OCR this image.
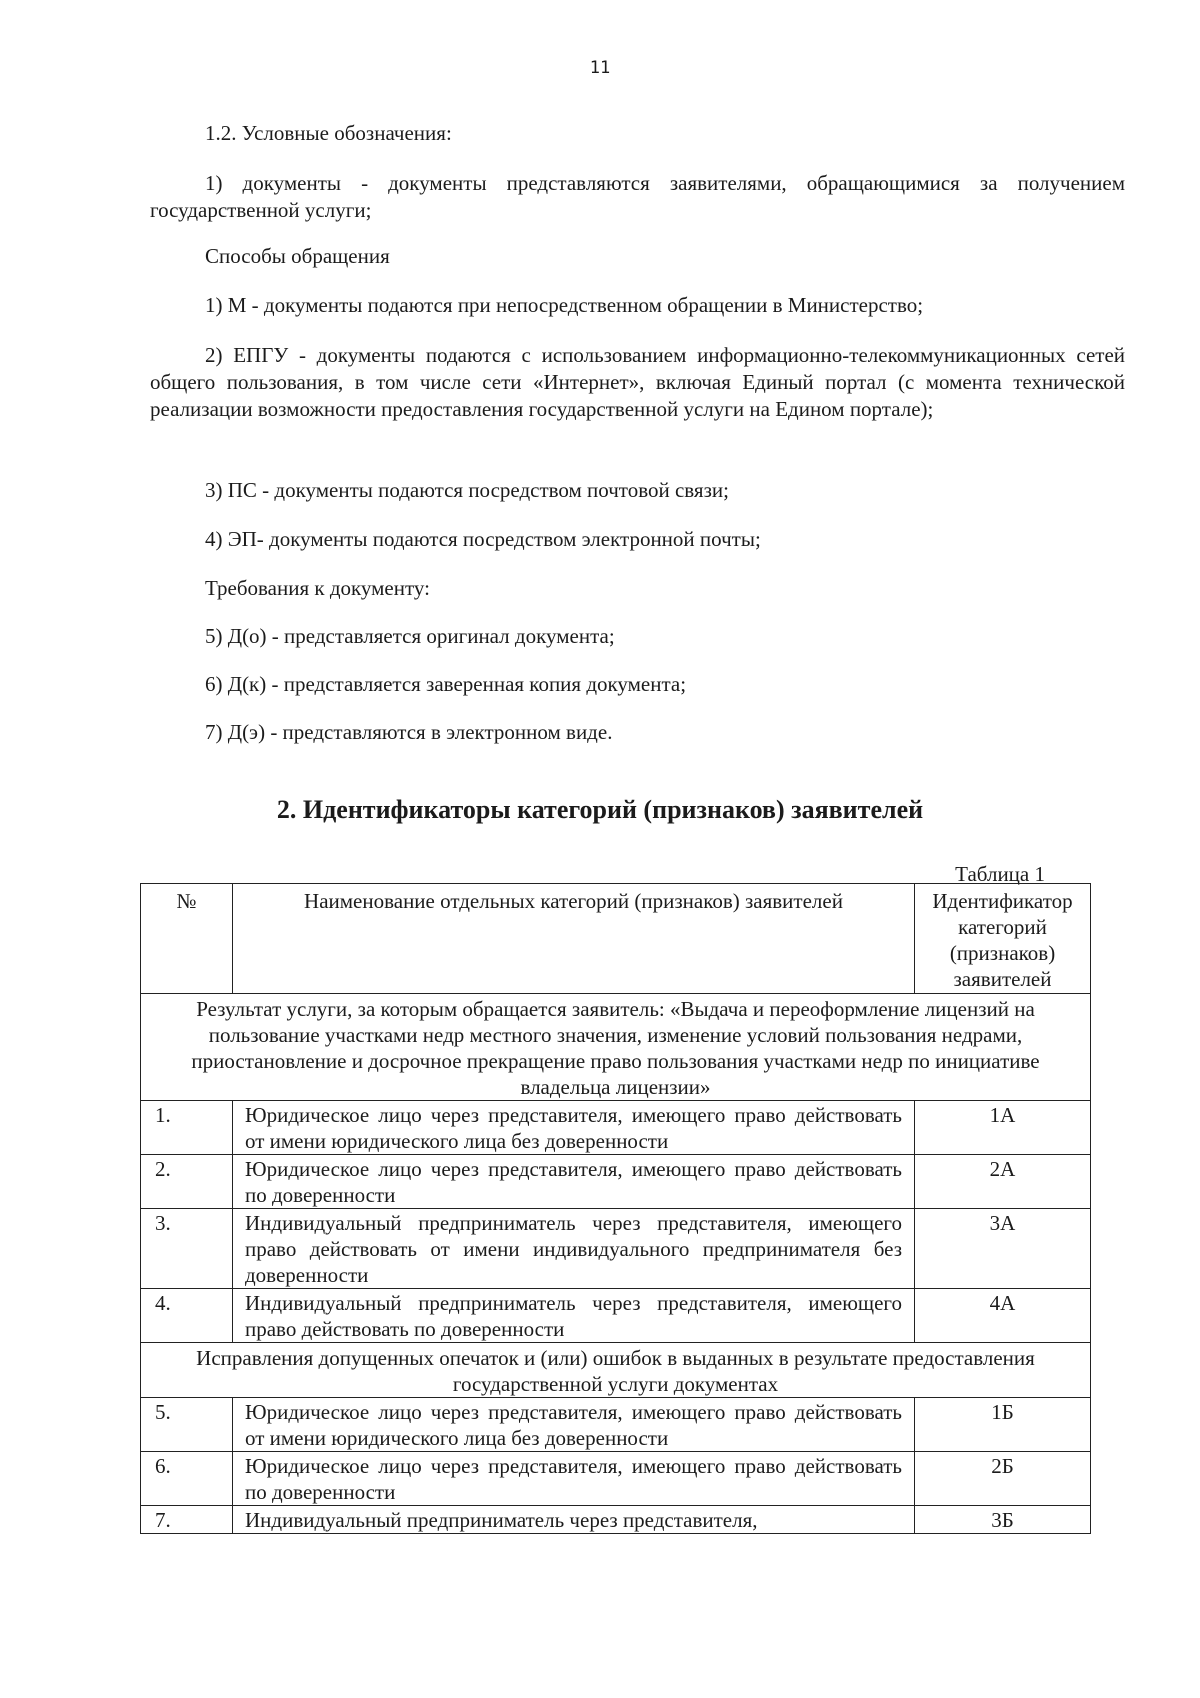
11

1.2. Условные обозначения:

1) документы - документы представляются заявителями, обращающимися за получением государственной услуги;

Способы обращения

1) М - документы подаются при непосредственном обращении в Министерство;

2) ЕПГУ - документы подаются с использованием информационно-телекоммуникационных сетей общего пользования, в том числе сети «Интернет», включая Единый портал (с момента технической реализации возможности предоставления государственной услуги на Едином портале);

3) ПС - документы подаются посредством почтовой связи;

4) ЭП- документы подаются посредством электронной почты;

Требования к документу:

5) Д(о) - представляется оригинал документа;

6) Д(к) - представляется заверенная копия документа;

7) Д(э) - представляются в электронном виде.

2. Идентификаторы категорий (признаков) заявителей
Таблица 1
№	Наименование отдельных категорий (признаков) заявителей	Идентификатор категорий (признаков) заявителей
Результат услуги, за которым обращается заявитель: «Выдача и переоформление лицензий на пользование участками недр местного значения, изменение условий пользования недрами, приостановление и досрочное прекращение право пользования участками недр по инициативе владельца лицензии»		
1.	Юридическое лицо через представителя, имеющего право действовать от имени юридического лица без доверенности	1А
2.	Юридическое лицо через представителя, имеющего право действовать по доверенности	2А
3.	Индивидуальный предприниматель через представителя, имеющего право действовать от имени индивидуального предпринимателя без доверенности	3А
4.	Индивидуальный предприниматель через представителя, имеющего право действовать по доверенности	4А
Исправления допущенных опечаток и (или) ошибок в выданных в результате предоставления государственной услуги документах		
5.	Юридическое лицо через представителя, имеющего право действовать от имени юридического лица без доверенности	1Б
6.	Юридическое лицо через представителя, имеющего право действовать по доверенности	2Б
7.	Индивидуальный предприниматель через представителя,	3Б
